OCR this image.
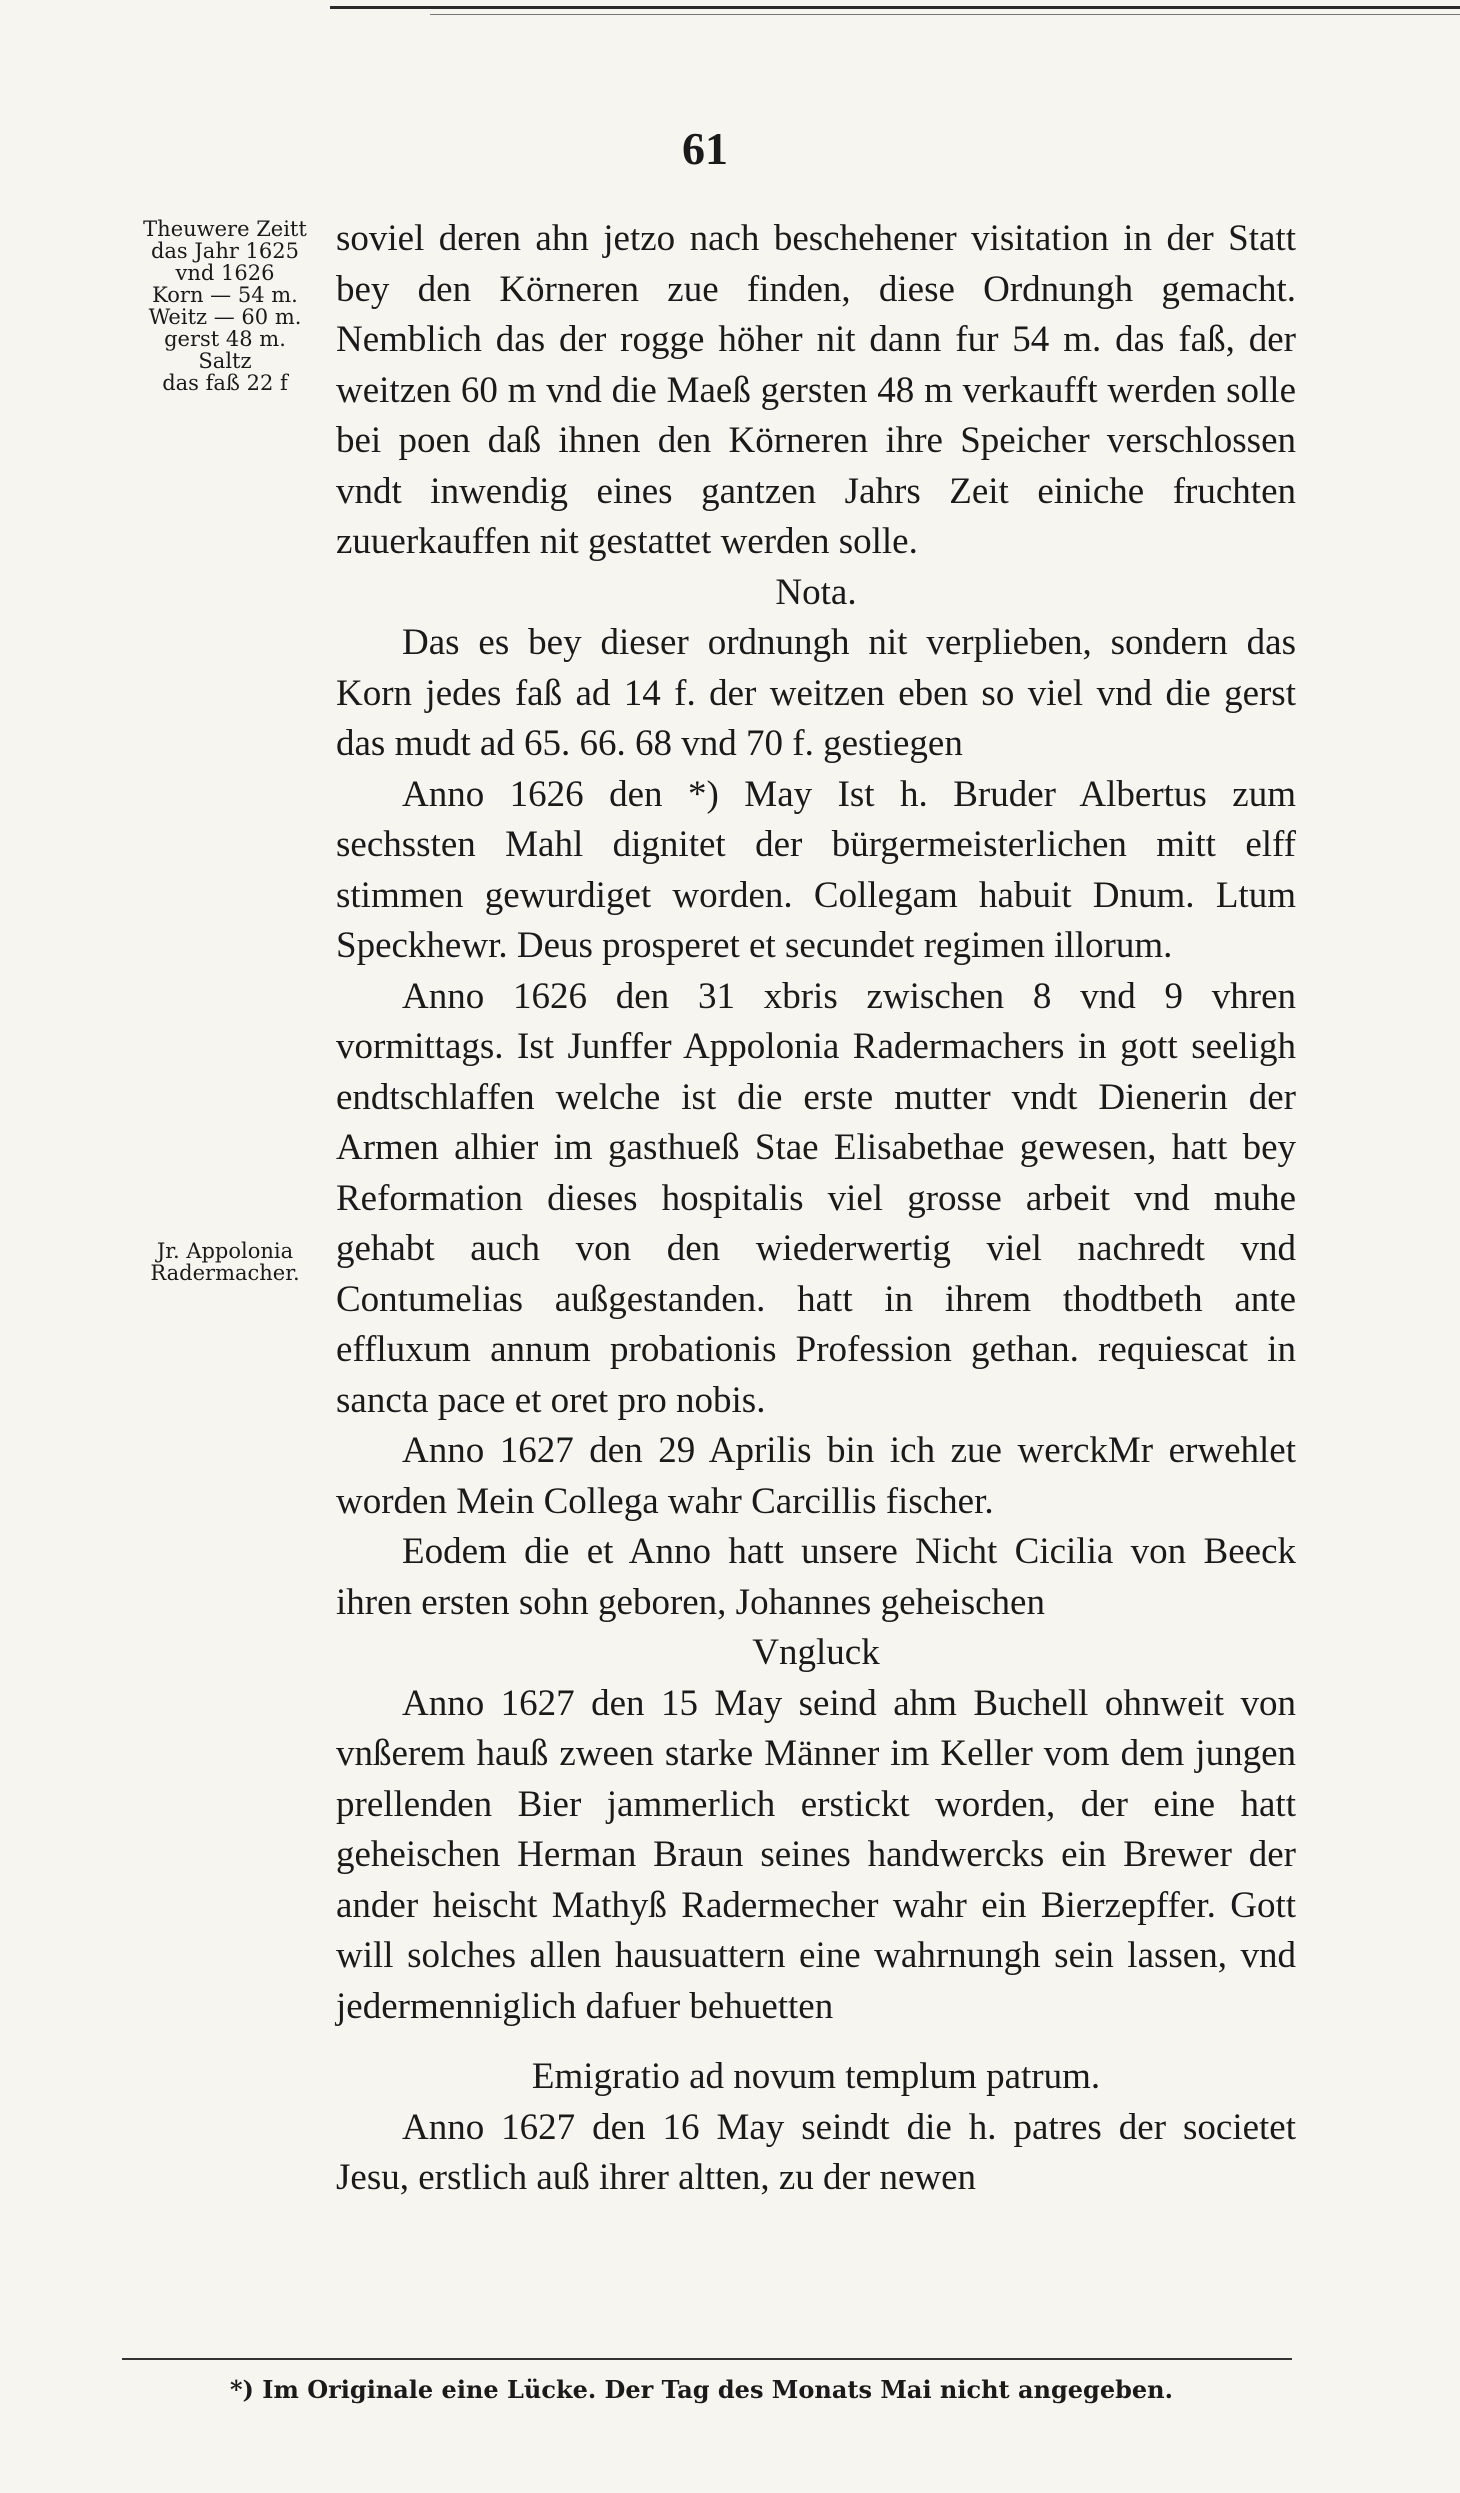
61
Theuwere Zeitt
das Jahr 1625
vnd 1626
Korn — 54 m.
Weitz — 60 m.
gerst 48 m.
Saltz
das faß 22 f
Jr. Appolonia
Radermacher.

soviel deren ahn jetzo nach beschehener visitation in der Statt bey den Körneren zue finden, diese Ordnungh gemacht. Nemblich das der rogge höher nit dann fur 54 m. das faß, der weitzen 60 m vnd die Maeß gersten 48 m verkaufft werden solle bei poen daß ihnen den Körneren ihre Speicher verschlossen vndt inwendig eines gantzen Jahrs Zeit einiche fruchten zuuerkauffen nit gestattet werden solle.

Nota.

Das es bey dieser ordnungh nit verplieben, sondern das Korn jedes faß ad 14 f. der weitzen eben so viel vnd die gerst das mudt ad 65. 66. 68 vnd 70 f. gestiegen

Anno 1626 den *) May Ist h. Bruder Albertus zum sechssten Mahl dignitet der bürgermeisterlichen mitt elff stimmen gewurdiget worden. Collegam habuit Dnum. Ltum Speckhewr. Deus prosperet et secundet regimen illorum.

Anno 1626 den 31 xbris zwischen 8 vnd 9 vhren vormittags. Ist Junffer Appolonia Radermachers in gott seeligh endtschlaffen welche ist die erste mutter vndt Dienerin der Armen alhier im gasthueß Stae Elisabethae gewesen, hatt bey Reformation dieses hospitalis viel grosse arbeit vnd muhe gehabt auch von den wiederwertig viel nachredt vnd Contumelias außgestanden. hatt in ihrem thodtbeth ante effluxum annum probationis Profession gethan. requiescat in sancta pace et oret pro nobis.

Anno 1627 den 29 Aprilis bin ich zue werckMr erwehlet worden Mein Collega wahr Carcillis fischer.

Eodem die et Anno hatt unsere Nicht Cicilia von Beeck ihren ersten sohn geboren, Johannes geheischen

Vngluck

Anno 1627 den 15 May seind ahm Buchell ohnweit von vnßerem hauß zween starke Männer im Keller vom dem jungen prellenden Bier jammerlich erstickt worden, der eine hatt geheischen Herman Braun seines handwercks ein Brewer der ander heischt Mathyß Radermecher wahr ein Bierzepffer. Gott will solches allen hausuattern eine wahrnungh sein lassen, vnd jedermenniglich dafuer behuetten

Emigratio ad novum templum patrum.

Anno 1627 den 16 May seindt die h. patres der societet Jesu, erstlich auß ihrer altten, zu der newen

*) Im Originale eine Lücke. Der Tag des Monats Mai nicht angegeben.
